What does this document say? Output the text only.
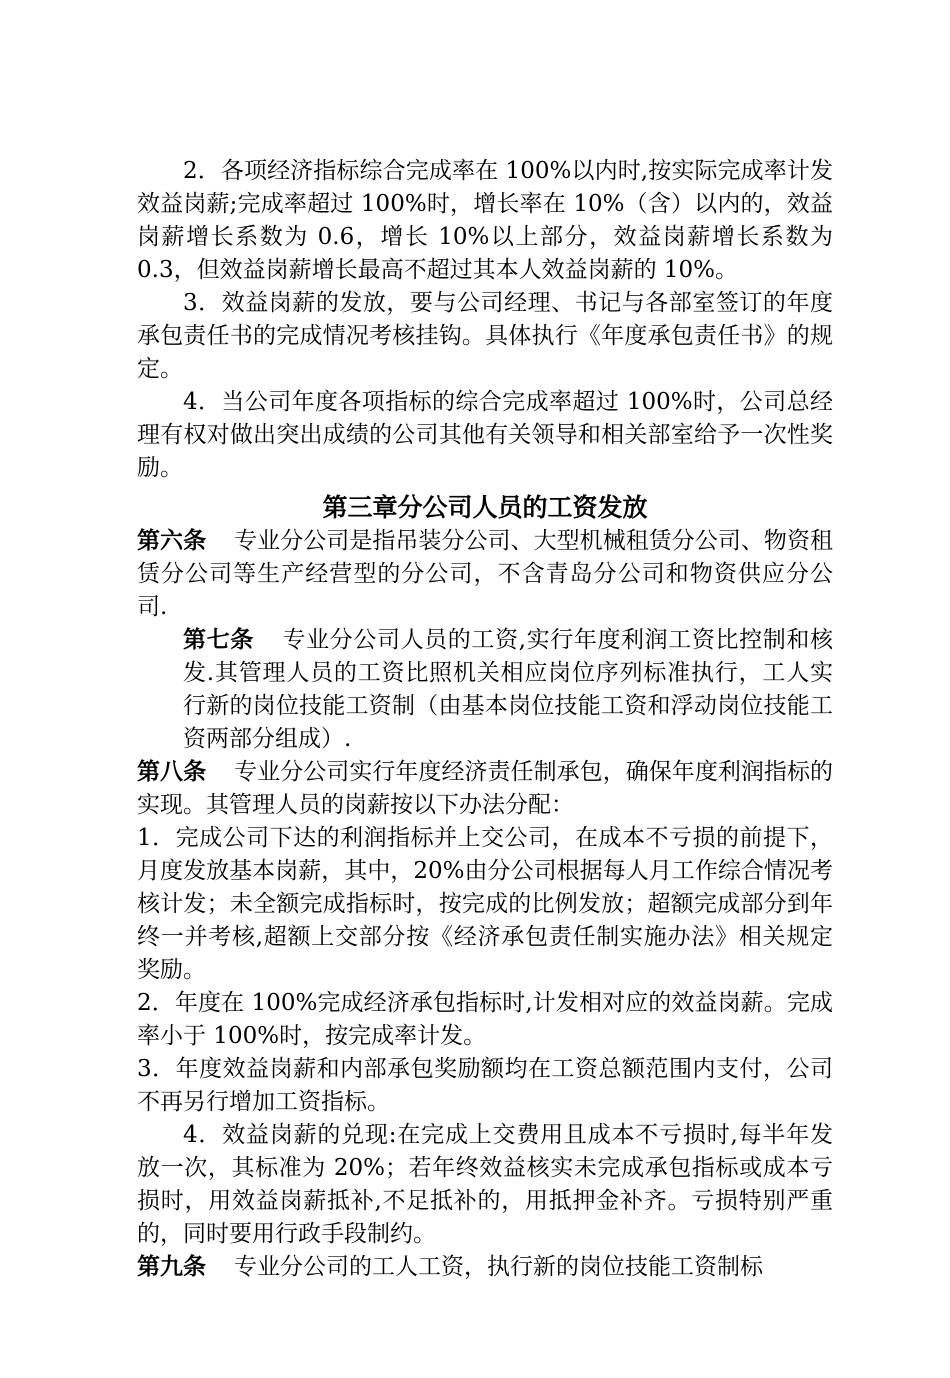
2．各项经济指标综合完成率在 100%以内时,按实际完成率计发效益岗薪;完成率超过 100%时，增长率在 10%（含）以内的，效益岗薪增长系数为 0.6，增长 10%以上部分，效益岗薪增长系数为 0.3，但效益岗薪增长最高不超过其本人效益岗薪的 10%。

3．效益岗薪的发放，要与公司经理、书记与各部室签订的年度承包责任书的完成情况考核挂钩。具体执行《年度承包责任书》的规定。

4．当公司年度各项指标的综合完成率超过 100%时，公司总经理有权对做出突出成绩的公司其他有关领导和相关部室给予一次性奖励。

第三章分公司人员的工资发放

第六条 专业分公司是指吊装分公司、大型机械租赁分公司、物资租赁分公司等生产经营型的分公司，不含青岛分公司和物资供应分公司.

第七条 专业分公司人员的工资,实行年度利润工资比控制和核发.其管理人员的工资比照机关相应岗位序列标准执行，工人实行新的岗位技能工资制（由基本岗位技能工资和浮动岗位技能工资两部分组成）.

第八条 专业分公司实行年度经济责任制承包，确保年度利润指标的实现。其管理人员的岗薪按以下办法分配：

1．完成公司下达的利润指标并上交公司，在成本不亏损的前提下，月度发放基本岗薪，其中，20%由分公司根据每人月工作综合情况考核计发；未全额完成指标时，按完成的比例发放；超额完成部分到年终一并考核,超额上交部分按《经济承包责任制实施办法》相关规定奖励。

2．年度在 100%完成经济承包指标时,计发相对应的效益岗薪。完成率小于 100%时，按完成率计发。

3．年度效益岗薪和内部承包奖励额均在工资总额范围内支付，公司不再另行增加工资指标。

4．效益岗薪的兑现:在完成上交费用且成本不亏损时,每半年发放一次，其标准为 20%；若年终效益核实未完成承包指标或成本亏损时，用效益岗薪抵补,不足抵补的，用抵押金补齐。亏损特别严重的，同时要用行政手段制约。

第九条 专业分公司的工人工资，执行新的岗位技能工资制标
